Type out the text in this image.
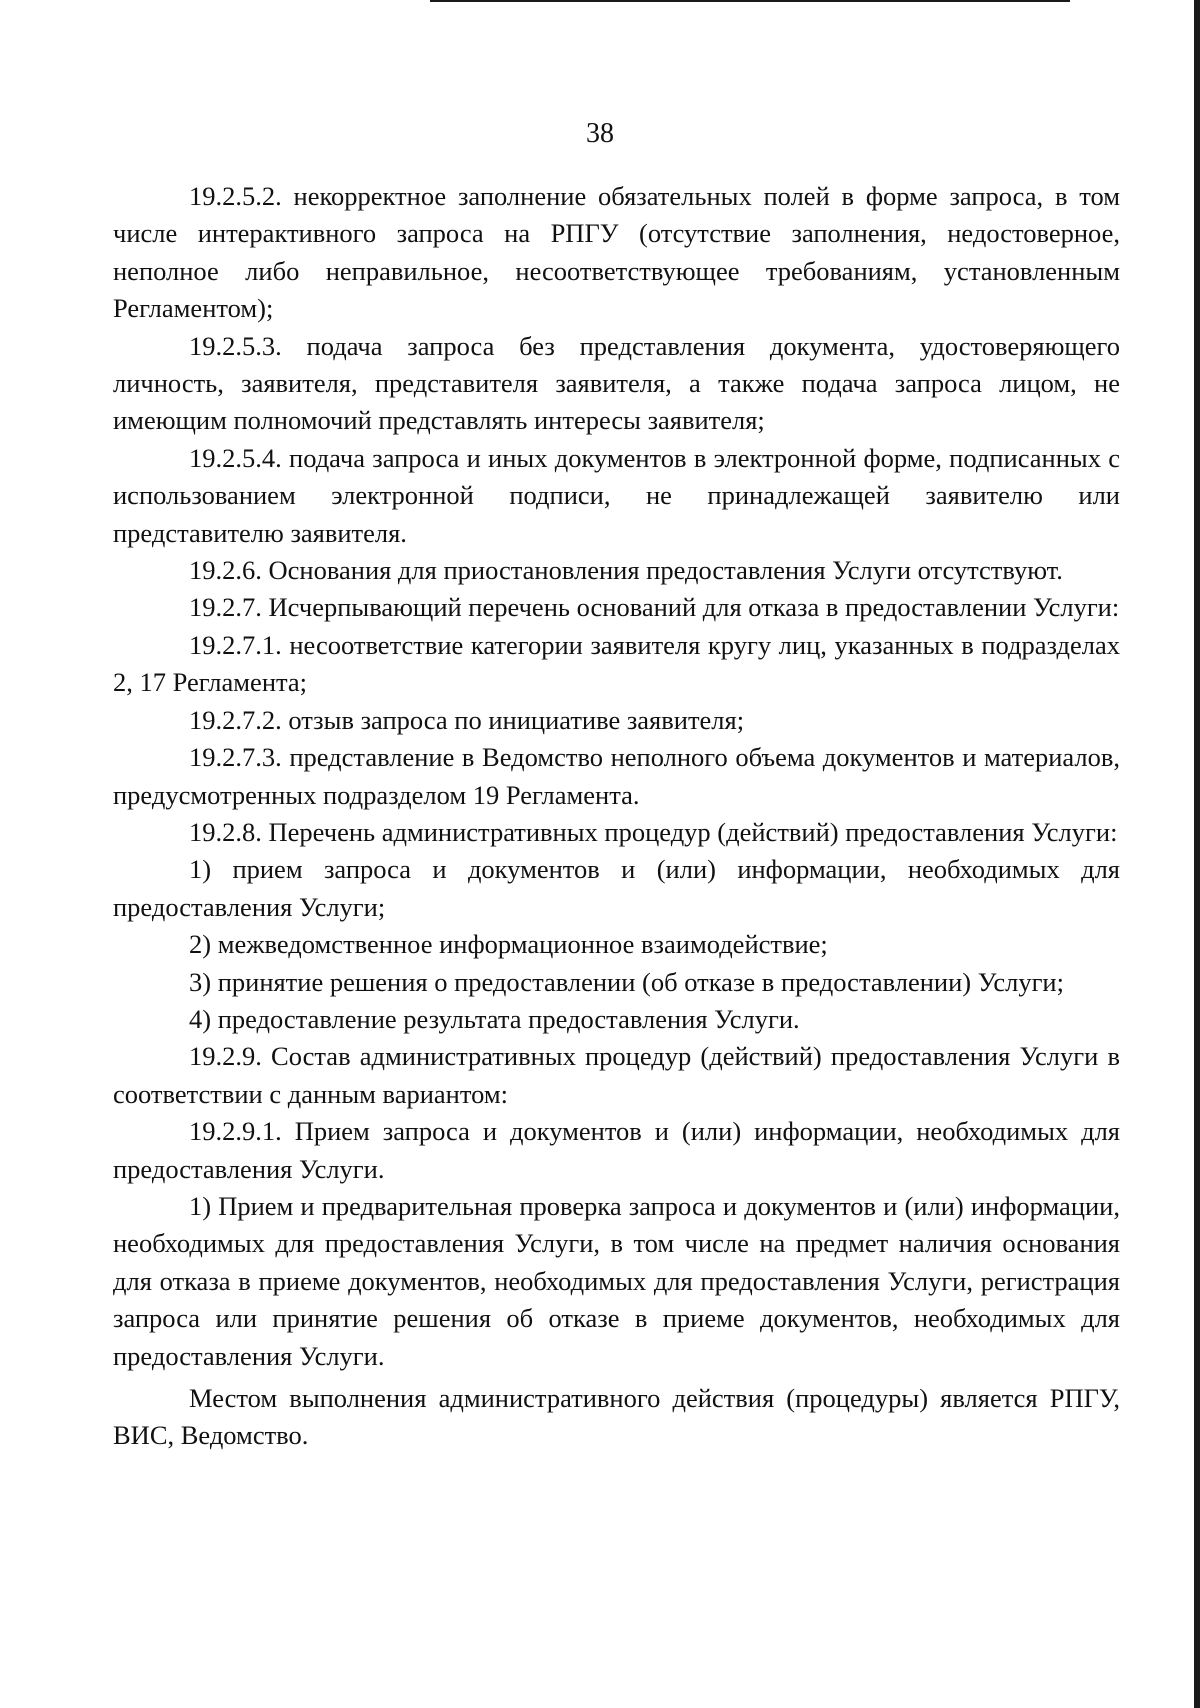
38

19.2.5.2. некорректное заполнение обязательных полей в форме запроса, в том числе интерактивного запроса на РПГУ (отсутствие заполнения, недостоверное, неполное либо неправильное, несоответствующее требованиям, установленным Регламентом);

19.2.5.3. подача запроса без представления документа, удостоверяющего личность, заявителя, представителя заявителя, а также подача запроса лицом, не имеющим полномочий представлять интересы заявителя;

19.2.5.4. подача запроса и иных документов в электронной форме, подписанных с использованием электронной подписи, не принадлежащей заявителю или представителю заявителя.

19.2.6. Основания для приостановления предоставления Услуги отсутствуют.

19.2.7. Исчерпывающий перечень оснований для отказа в предоставлении Услуги:

19.2.7.1. несоответствие категории заявителя кругу лиц, указанных в подразделах 2, 17 Регламента;

19.2.7.2. отзыв запроса по инициативе заявителя;

19.2.7.3. представление в Ведомство неполного объема документов и материалов, предусмотренных подразделом 19 Регламента.

19.2.8. Перечень административных процедур (действий) предоставления Услуги:

1) прием запроса и документов и (или) информации, необходимых для предоставления Услуги;

2) межведомственное информационное взаимодействие;

3) принятие решения о предоставлении (об отказе в предоставлении) Услуги;

4) предоставление результата предоставления Услуги.

19.2.9. Состав административных процедур (действий) предоставления Услуги в соответствии с данным вариантом:

19.2.9.1. Прием запроса и документов и (или) информации, необходимых для предоставления Услуги.

1) Прием и предварительная проверка запроса и документов и (или) информации, необходимых для предоставления Услуги, в том числе на предмет наличия основания для отказа в приеме документов, необходимых для предоставления Услуги, регистрация запроса или принятие решения об отказе в приеме документов, необходимых для предоставления Услуги.

Местом выполнения административного действия (процедуры) является РПГУ, ВИС, Ведомство.
